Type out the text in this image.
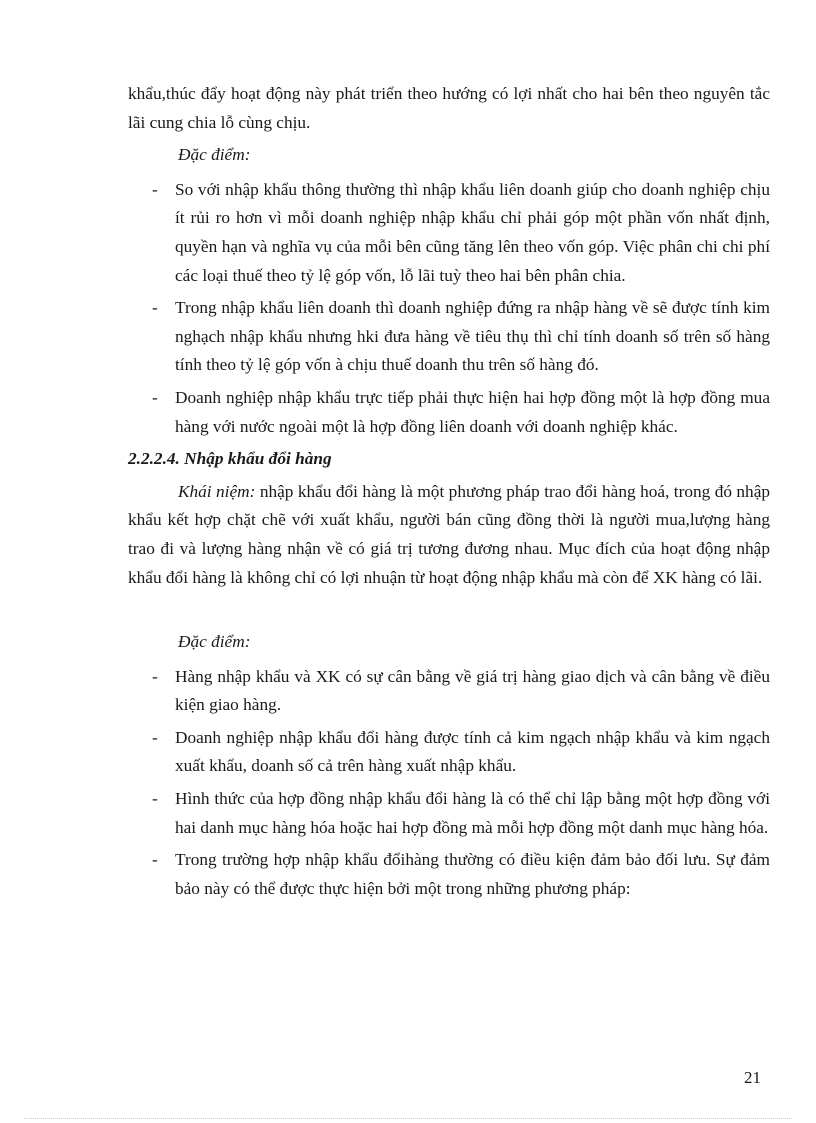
khẩu,thúc đẩy hoạt động này phát triển theo hướng có lợi nhất cho hai bên theo nguyên tắc lãi cung chia lỗ cùng chịu.

Đặc điểm:

- So với nhập khẩu thông thường thì nhập khẩu liên doanh giúp cho doanh nghiệp chịu ít rủi ro hơn vì mỗi doanh nghiệp nhập khẩu chỉ phải góp một phần vốn nhất định, quyền hạn và nghĩa vụ của mỗi bên cũng tăng lên theo vốn góp. Việc phân chi chi phí các loại thuế theo tỷ lệ góp vốn, lỗ lãi tuỳ theo hai bên phân chia.
- Trong nhập khẩu liên doanh thì doanh nghiệp đứng ra nhập hàng về sẽ được tính kim nghạch nhập khẩu nhưng hki đưa hàng về tiêu thụ thì chỉ tính doanh số trên số hàng tính theo tỷ lệ góp vốn à chịu thuế doanh thu trên số hàng đó.
- Doanh nghiệp nhập khẩu trực tiếp phải thực hiện hai hợp đồng một là hợp đồng mua hàng với nước ngoài một là hợp đồng liên doanh với doanh nghiệp khác.
2.2.2.4. Nhập khẩu đổi hàng

Khái niệm: nhập khẩu đổi hàng là một phương pháp trao đổi hàng hoá, trong đó nhập khẩu kết hợp chặt chẽ với xuất khẩu, người bán cũng đồng thời là người mua,lượng hàng trao đi và lượng hàng nhận về có giá trị tương đương nhau. Mục đích của hoạt động nhập khẩu đổi hàng là không chỉ có lợi nhuận từ hoạt động nhập khẩu mà còn để XK hàng có lãi.

Đặc điểm:

- Hàng nhập khẩu và XK có sự cân bằng về giá trị hàng giao dịch và cân bằng về điều kiện giao hàng.
- Doanh nghiệp nhập khẩu đổi hàng được tính cả kim ngạch nhập khẩu và kim ngạch xuất khẩu, doanh số cả trên hàng xuất nhập khẩu.
- Hình thức của hợp đồng nhập khẩu đổi hàng là có thể chỉ lập bằng một hợp đồng với hai danh mục hàng hóa hoặc hai hợp đồng mà mỗi hợp đồng một danh mục hàng hóa.
- Trong trường hợp nhập khẩu đổihàng thường có điều kiện đảm bảo đối lưu. Sự đảm bảo này có thể được thực hiện bởi một trong những phương pháp:
21
